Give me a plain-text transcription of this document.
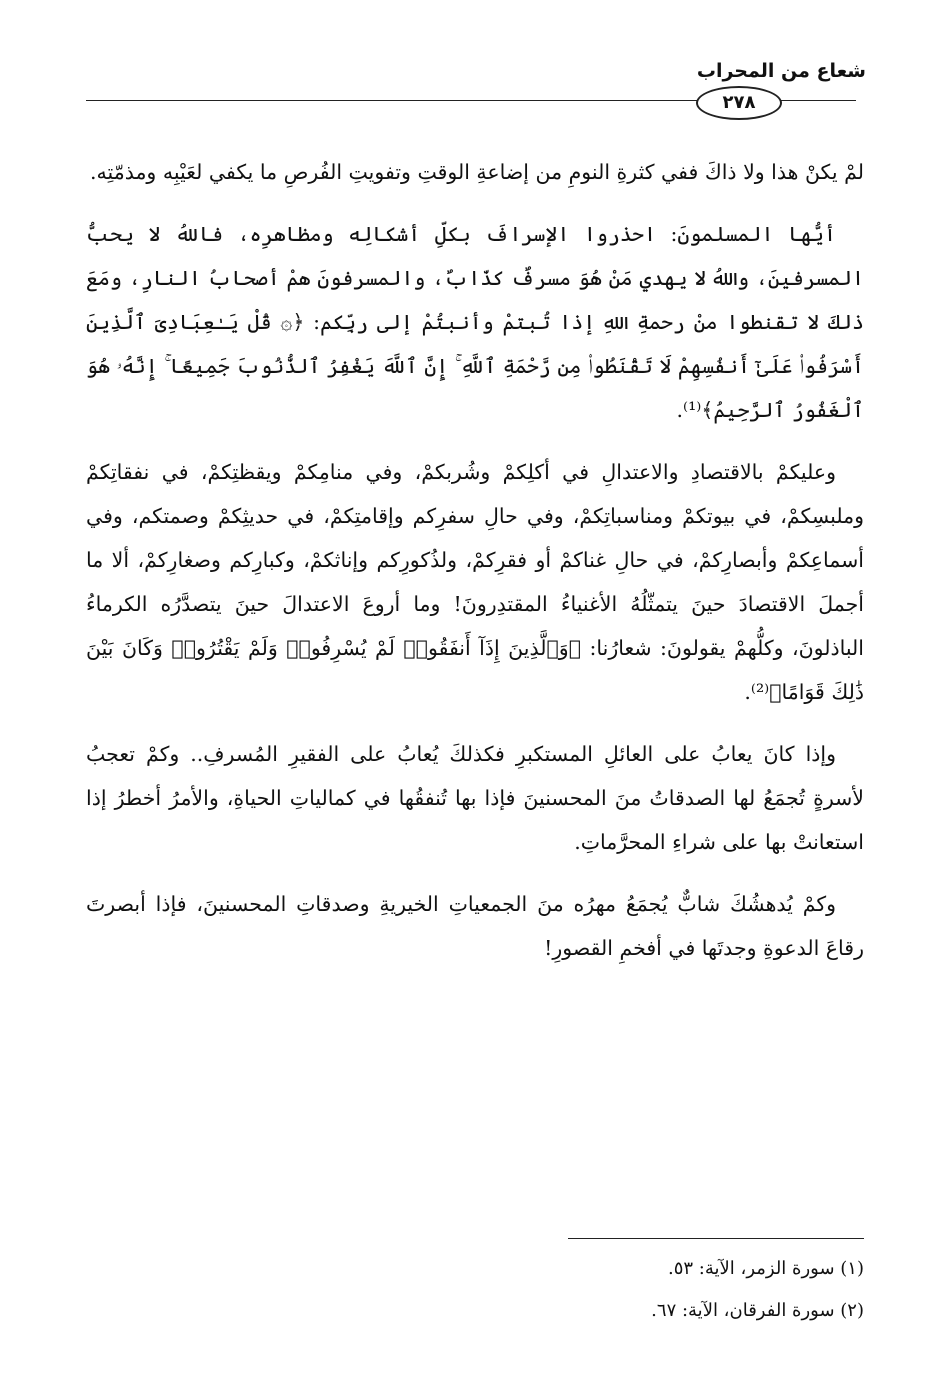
شعاع من المحراب
٢٧٨

لمْ يكنْ هذا ولا ذاكَ ففي كثرةِ النومِ من إضاعةِ الوقتِ وتفويتِ الفُرصِ ما يكفي لعَيْبِه ومذمّتِه.

أيُّها المسلمونَ: احذروا الإسرافَ بكلِّ أشكالِه ومظاهرِه، فاللهُ لا يحبُّ المسرفينَ، واللهُ لا يهدي مَنْ هُوَ مسرفٌ كذّابٌ، والمسرفونَ همْ أصحابُ النارِ، ومَعَ ذلكَ لا تقنطوا منْ رحمةِ اللهِ إذا تُبتمْ وأنبتُمْ إلى ربِّكم: ﴿۞ قُلْ يَـٰعِبَادِىَ ٱلَّذِينَ أَسْرَفُوا۟ عَلَىٰٓ أَنفُسِهِمْ لَا تَقْنَطُوا۟ مِن رَّحْمَةِ ٱللَّهِ ۚ إِنَّ ٱللَّهَ يَغْفِرُ ٱلذُّنُوبَ جَمِيعًا ۚ إِنَّهُۥ هُوَ ٱلْغَفُورُ ٱلرَّحِيمُ﴾⁽¹⁾.

وعليكمْ بالاقتصادِ والاعتدالِ في أكلِكمْ وشُربكمْ، وفي منامِكمْ ويقظتِكمْ، في نفقاتِكمْ وملبسِكمْ، في بيوتكمْ ومناسباتِكمْ، وفي حالِ سفرِكم وإقامتِكمْ، في حديثِكمْ وصمتكم، وفي أسماعِكمْ وأبصارِكمْ، في حالِ غناكمْ أو فقرِكمْ، ولذُكورِكم وإناثكمْ، وكبارِكم وصغارِكمْ، ألا ما أجملَ الاقتصادَ حينَ يتمثّلُهُ الأغنياءُ المقتدِرونَ! وما أروعَ الاعتدالَ حينَ يتصدَّرُه الكرماءُ الباذلونَ، وكلُّهمْ يقولونَ: شعارُنا: ﴿وَٱلَّذِينَ إِذَآ أَنفَقُوا۟ لَمْ يُسْرِفُوا۟ وَلَمْ يَقْتُرُوا۟ وَكَانَ بَيْنَ ذَٰلِكَ قَوَامًا﴾⁽²⁾.

وإذا كانَ يعابُ على العائلِ المستكبرِ فكذلكَ يُعابُ على الفقيرِ المُسرفِ.. وكمْ تعجبُ لأسرةٍ تُجمَعُ لها الصدقاتُ منَ المحسنينَ فإذا بها تُنفقُها في كمالياتِ الحياةِ، والأمرُ أخطرُ إذا استعانتْ بها على شراءِ المحرَّماتِ.

وكمْ يُدهشُكَ شابٌّ يُجمَعُ مهرُه منَ الجمعياتِ الخيريةِ وصدقاتِ المحسنينَ، فإذا أبصرتَ رقاعَ الدعوةِ وجدتَها في أفخمِ القصورِ!

(١) سورة الزمر، الآية: ٥٣.
(٢) سورة الفرقان، الآية: ٦٧.
